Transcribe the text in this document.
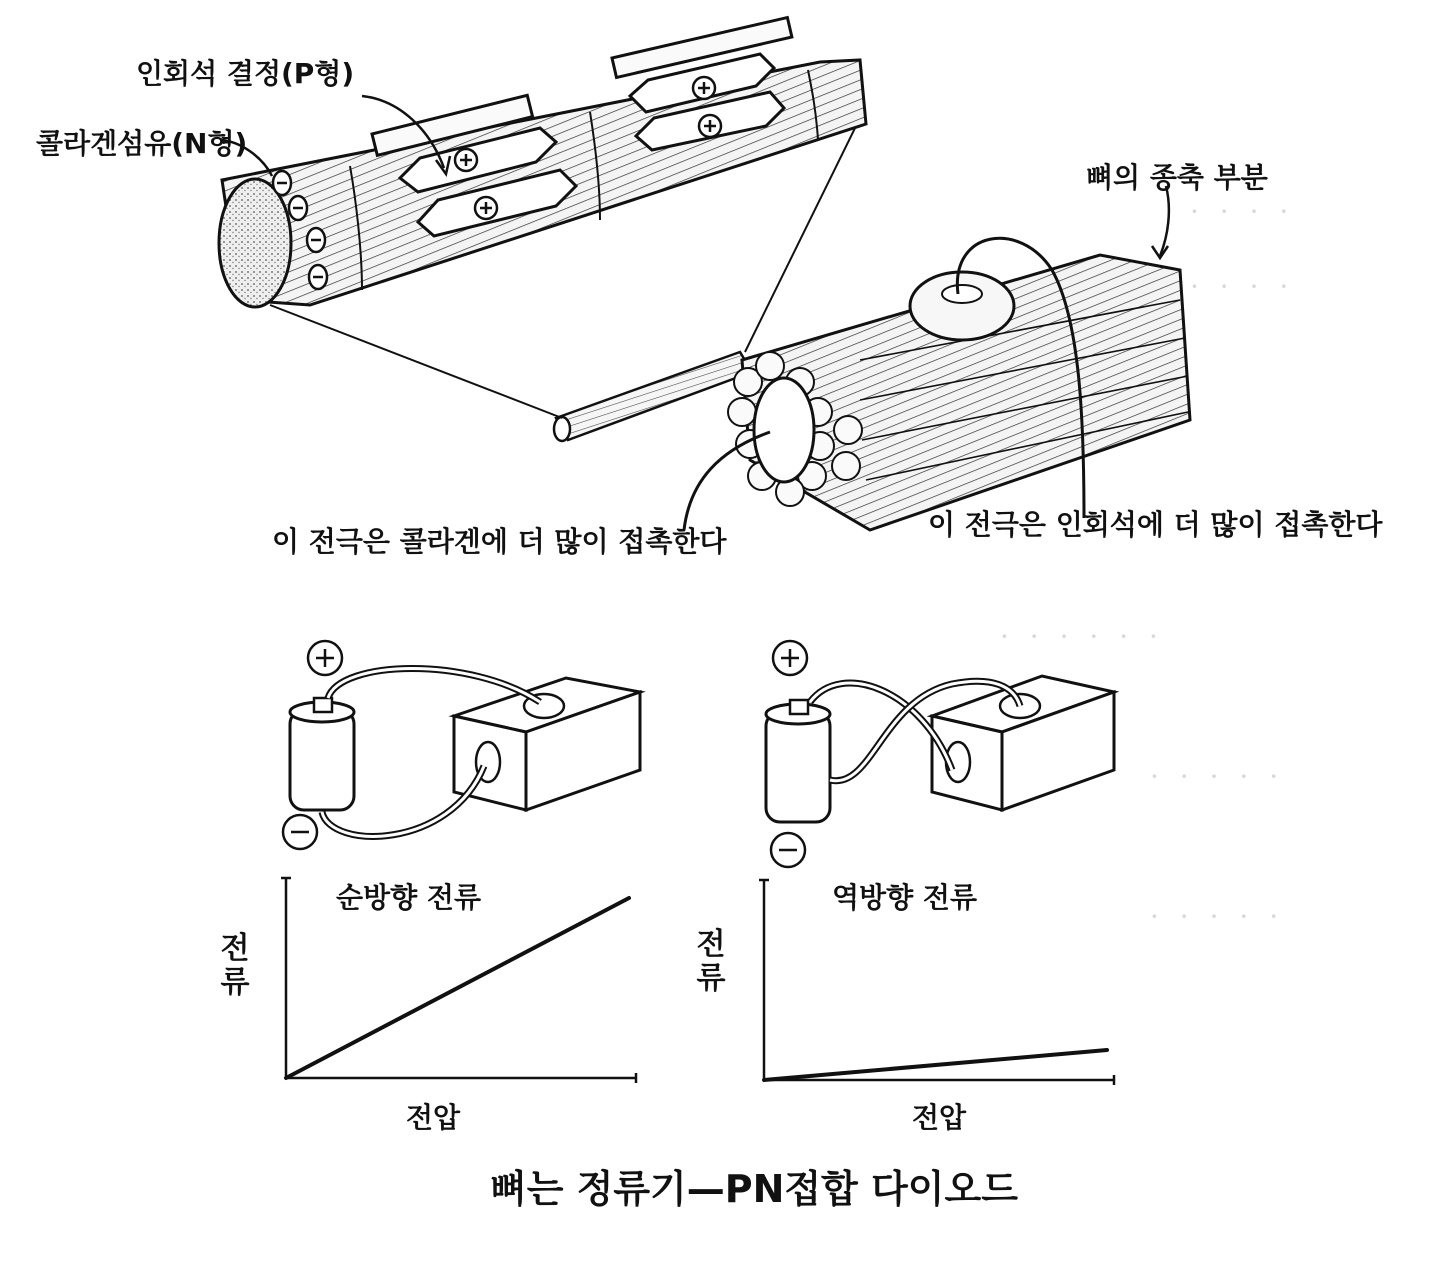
· · · ·
· · · ·
· · · · · ·
· · · · ·
· · · · ·
인회석 결정(P형)
콜라겐섬유(N형)
뼈의 종축 부분
이 전극은 콜라겐에 더 많이 접촉한다
이 전극은 인회석에 더 많이 접촉한다
순방향 전류
전류
전압
역방향 전류
전류
전압
뼈는 정류기—PN접합 다이오드
